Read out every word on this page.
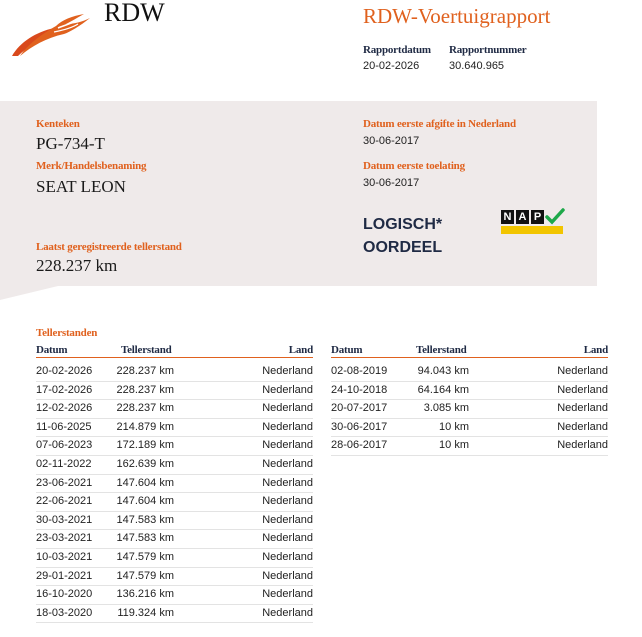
RDW	RDW-Voertuigrapport
Rapportdatum
20-02-2026
Rapportnummer
30.640.965
Kenteken
PG-734-T
Merk/Handelsbenaming
SEAT LEON
Laatst geregistreerde tellerstand
228.237 km
Datum eerste afgifte in Nederland
30-06-2017
Datum eerste toelating
30-06-2017
LOGISCH*
OORDEEL
N A P
Tellerstanden
Datum	Tellerstand	Land
20-02-2026 228.237 km	Nederland
17-02-2026 228.237 km	Nederland
12-02-2026 228.237 km	Nederland
11-06-2025 214.879 km	Nederland
07-06-2023 172.189 km	Nederland
02-11-2022 162.639 km	Nederland
23-06-2021 147.604 km	Nederland
22-06-2021 147.604 km	Nederland
30-03-2021 147.583 km	Nederland
23-03-2021 147.583 km	Nederland
10-03-2021 147.579 km	Nederland
29-01-2021 147.579 km	Nederland
16-10-2020 136.216 km	Nederland
18-03-2020 119.324 km	Nederland
Datum	Tellerstand	Land
02-08-2019	94.043 km	Nederland
24-10-2018	64.164 km	Nederland
20-07-2017	3.085 km	Nederland
30-06-2017	10 km	Nederland
28-06-2017	10 km	Nederland
